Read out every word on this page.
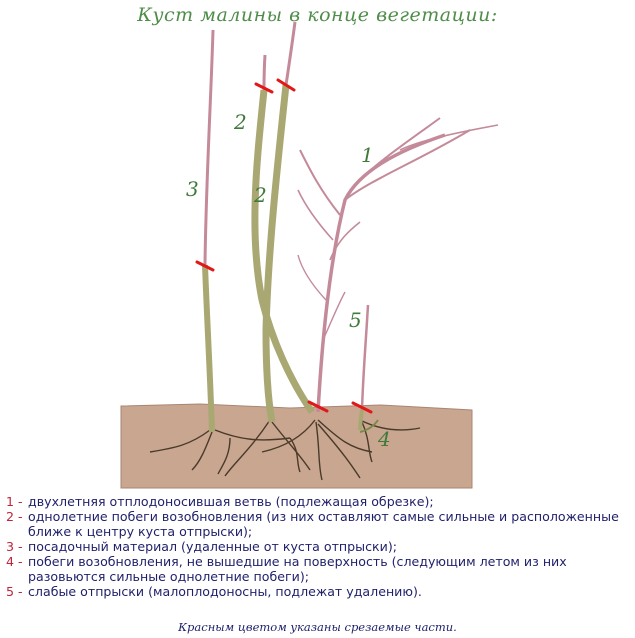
Куст малины в конце вегетации:
1
2
2
3
4
5
1 - двухлетняя отплодоносившая ветвь (подлежащая обрезке);
2 - однолетние побеги возобновления (из них оставляют самые сильные и расположенные ближе к центру куста отпрыски);
3 - посадочный материал (удаленные от куста отпрыски);
4 - побеги возобновления, не вышедшие на поверхность (следующим летом из них разовьются сильные однолетние побеги);
5 - слабые отпрыски (малоплодоносны, подлежат удалению).
Красным цветом указаны срезаемые части.
